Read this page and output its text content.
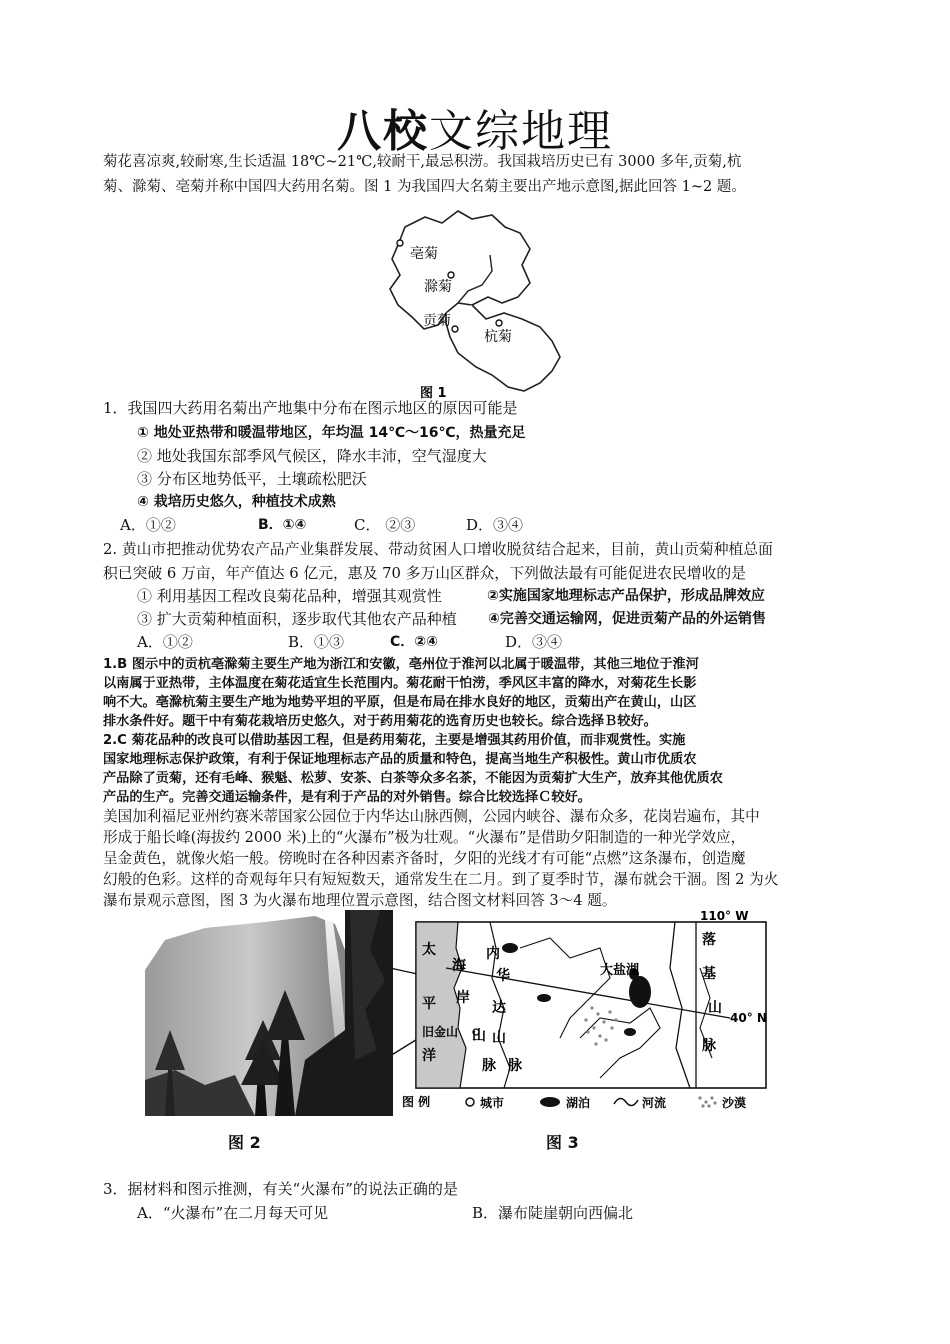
八校文综地理
菊花喜凉爽,较耐寒,生长适温 18℃~21℃,较耐干,最忌积涝。我国栽培历史已有 3000 多年,贡菊,杭
菊、滁菊、亳菊并称中国四大药用名菊。图 1 为我国四大名菊主要出产地示意图,据此回答 1~2 题。
亳菊
滁菊
贡菊
杭菊
图 1
1．我国四大药用名菊出产地集中分布在图示地区的原因可能是
① 地处亚热带和暖温带地区，年均温 14℃～16℃，热量充足
② 地处我国东部季风气候区，降水丰沛，空气湿度大
③ 分布区地势低平，土壤疏松肥沃
④ 栽培历史悠久，种植技术成熟
A．①②	B．①④	C． ②③	D．③④
2. 黄山市把推动优势农产品产业集群发展、带动贫困人口增收脱贫结合起来，目前，黄山贡菊种植总面
积已突破 6 万亩，年产值达 6 亿元，惠及 70 多万山区群众，下列做法最有可能促进农民增收的是
① 利用基因工程改良菊花品种，增强其观赏性	②实施国家地理标志产品保护，形成品牌效应
③ 扩大贡菊种植面积，逐步取代其他农产品种植 ④完善交通运输网，促进贡菊产品的外运销售
A．①②	B．①③	C．②④	D．③④
1.B 图示中的贡杭亳滁菊主要生产地为浙江和安徽，亳州位于淮河以北属于暖温带，其他三地位于淮河
以南属于亚热带，主体温度在菊花适宜生长范围内。菊花耐干怕涝，季风区丰富的降水，对菊花生长影
响不大。亳滁杭菊主要生产地为地势平坦的平原，但是布局在排水良好的地区，贡菊出产在黄山，山区
排水条件好。题干中有菊花栽培历史悠久，对于药用菊花的选育历史也较长。综合选择Ｂ较好。
2.C 菊花品种的改良可以借助基因工程，但是药用菊花，主要是增强其药用价值，而非观赏性。实施
国家地理标志保护政策，有利于保证地理标志产品的质量和特色，提高当地生产积极性。黄山市优质农
产品除了贡菊，还有毛峰、猴魁、松萝、安茶、白茶等众多名茶，不能因为贡菊扩大生产，放弃其他优质农
产品的生产。完善交通运输条件，是有利于产品的对外销售。综合比较选择Ｃ较好。
美国加利福尼亚州约赛米蒂国家公园位于内华达山脉西侧，公园内峡谷、瀑布众多，花岗岩遍布，其中
形成于船长峰(海拔约 2000 米)上的“火瀑布”极为壮观。“火瀑布”是借助夕阳制造的一种光学效应，
呈金黄色，就像火焰一般。傍晚时在各种因素齐备时，夕阳的光线才有可能“点燃”这条瀑布，创造魔
幻般的色彩。这样的奇观每年只有短短数天，通常发生在二月。到了夏季时节，瀑布就会干涸。图 2 为火
瀑布景观示意图，图 3 为火瀑布地理位置示意图，结合图文材料回答 3～4 题。
110° W
40° N
太
平
洋
海
岸
山
内
华
达
山
脉 脉
大盐湖
落
基
山
脉
旧金山
图 例	城市	湖泊	河流	沙漠
图 2	图 3
3．据材料和图示推测，有关“火瀑布”的说法正确的是
A．“火瀑布”在二月每天可见	B．瀑布陡崖朝向西偏北
